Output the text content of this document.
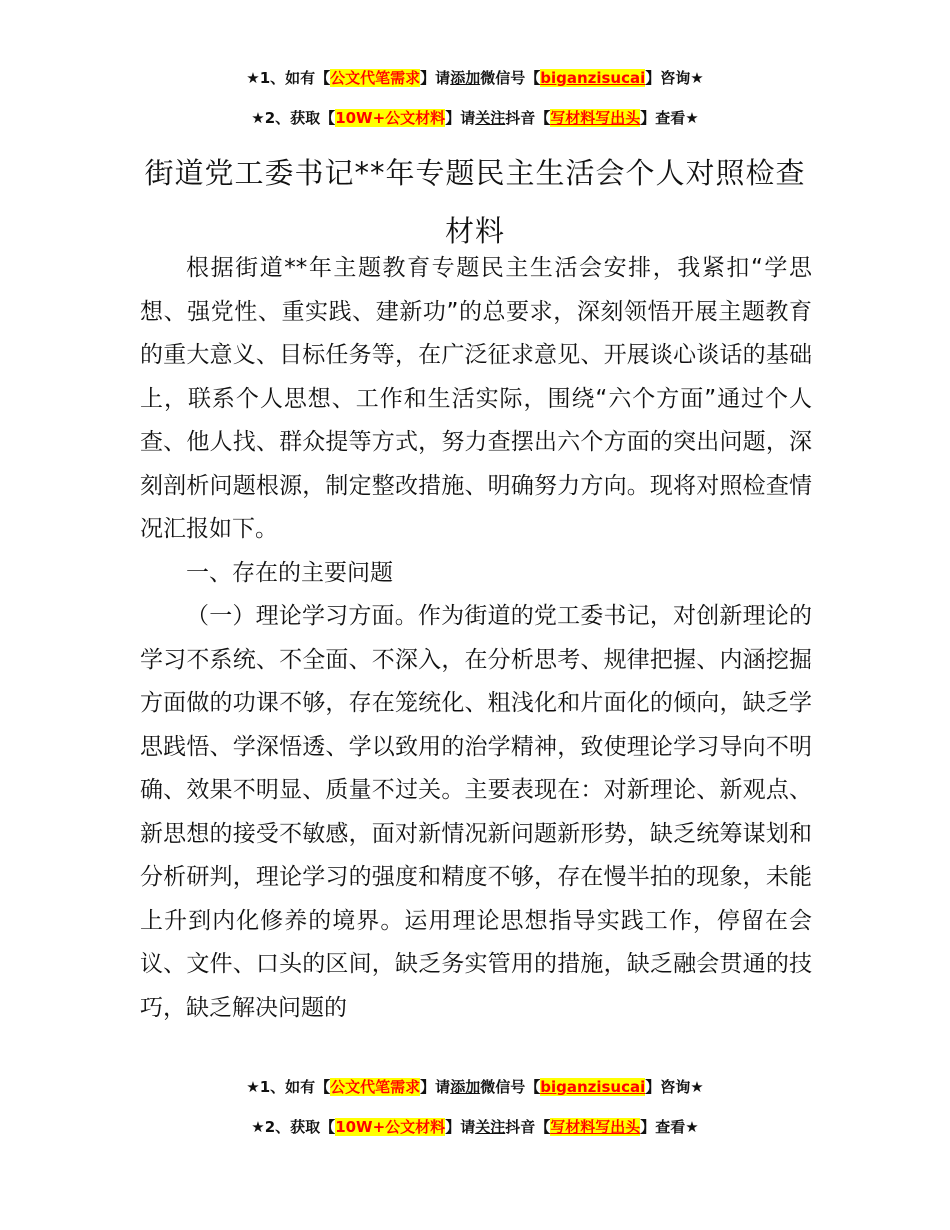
★1、如有【公文代笔需求】请添加微信号【biganzisucai】咨询★
★2、获取【10W+公文材料】请关注抖音【写材料写出头】查看★
街道党工委书记**年专题民主生活会个人对照检查材料

根据街道**年主题教育专题民主生活会安排，我紧扣“学思想、强党性、重实践、建新功”的总要求，深刻领悟开展主题教育的重大意义、目标任务等，在广泛征求意见、开展谈心谈话的基础上，联系个人思想、工作和生活实际，围绕“六个方面”通过个人查、他人找、群众提等方式，努力查摆出六个方面的突出问题，深刻剖析问题根源，制定整改措施、明确努力方向。现将对照检查情况汇报如下。

一、存在的主要问题

（一）理论学习方面。作为街道的党工委书记，对创新理论的学习不系统、不全面、不深入，在分析思考、规律把握、内涵挖掘方面做的功课不够，存在笼统化、粗浅化和片面化的倾向，缺乏学思践悟、学深悟透、学以致用的治学精神，致使理论学习导向不明确、效果不明显、质量不过关。主要表现在：对新理论、新观点、新思想的接受不敏感，面对新情况新问题新形势，缺乏统筹谋划和分析研判，理论学习的强度和精度不够，存在慢半拍的现象，未能上升到内化修养的境界。运用理论思想指导实践工作，停留在会议、文件、口头的区间，缺乏务实管用的措施，缺乏融会贯通的技巧，缺乏解决问题的

★1、如有【公文代笔需求】请添加微信号【biganzisucai】咨询★
★2、获取【10W+公文材料】请关注抖音【写材料写出头】查看★
